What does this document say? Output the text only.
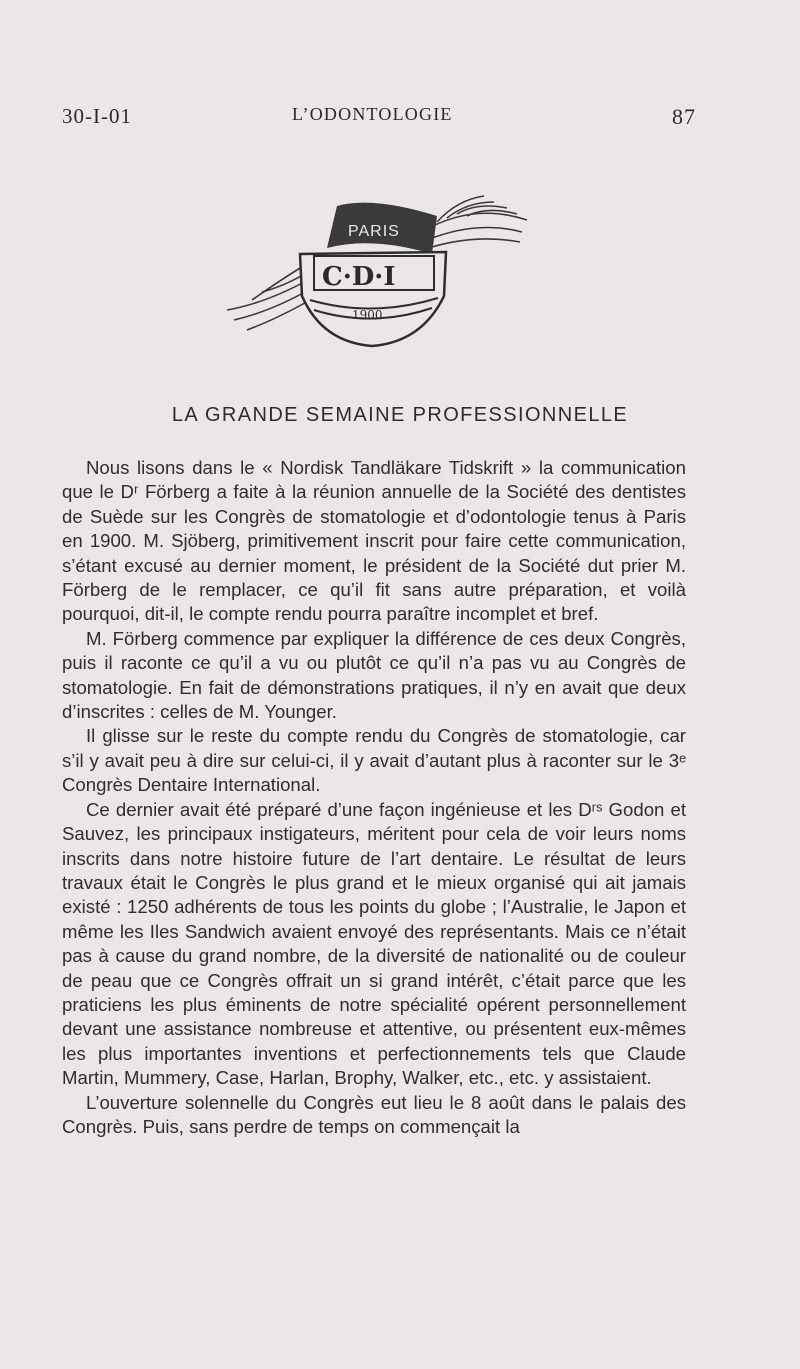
30-I-01	L’ODONTOLOGIE	87
PARIS
C·D·I
1900
LA GRANDE SEMAINE PROFESSIONNELLE

Nous lisons dans le « Nordisk Tandläkare Tidskrift » la communication que le Dʳ Förberg a faite à la réunion annuelle de la Société des dentistes de Suède sur les Congrès de stomatologie et d’odontologie tenus à Paris en 1900. M. Sjöberg, primitivement inscrit pour faire cette communication, s’étant excusé au dernier moment, le président de la Société dut prier M. Förberg de le remplacer, ce qu’il fit sans autre préparation, et voilà pourquoi, dit-il, le compte rendu pourra paraître incomplet et bref.

M. Förberg commence par expliquer la différence de ces deux Congrès, puis il raconte ce qu’il a vu ou plutôt ce qu’il n’a pas vu au Congrès de stomatologie. En fait de démonstrations pratiques, il n’y en avait que deux d’inscrites : celles de M. Younger.

Il glisse sur le reste du compte rendu du Congrès de stomatologie, car s’il y avait peu à dire sur celui-ci, il y avait d’autant plus à raconter sur le 3ᵉ Congrès Dentaire International.

Ce dernier avait été préparé d’une façon ingénieuse et les Dʳˢ Godon et Sauvez, les principaux instigateurs, méritent pour cela de voir leurs noms inscrits dans notre histoire future de l’art dentaire. Le résultat de leurs travaux était le Congrès le plus grand et le mieux organisé qui ait jamais existé : 1250 adhérents de tous les points du globe ; l’Australie, le Japon et même les Iles Sandwich avaient envoyé des représentants. Mais ce n’était pas à cause du grand nombre, de la diversité de nationalité ou de couleur de peau que ce Congrès offrait un si grand intérêt, c’était parce que les praticiens les plus éminents de notre spécialité opérent personnellement devant une assistance nombreuse et attentive, ou présentent eux-mêmes les plus importantes inventions et perfectionnements tels que Claude Martin, Mummery, Case, Harlan, Brophy, Walker, etc., etc. y assistaient.

L’ouverture solennelle du Congrès eut lieu le 8 août dans le palais des Congrès. Puis, sans perdre de temps on commençait la
